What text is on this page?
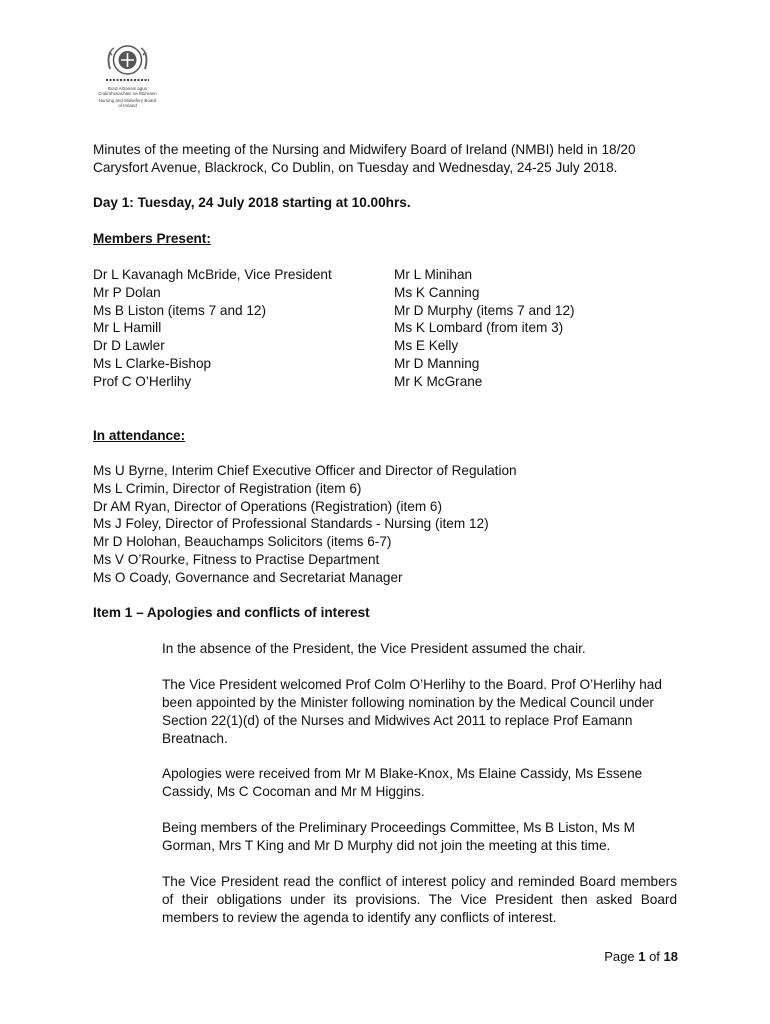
Bord Altranais agus
Cnáimhseachais na hÉireann
Nursing and Midwifery Board
of Ireland
Minutes of the meeting of the Nursing and Midwifery Board of Ireland (NMBI) held in 18/20
Carysfort Avenue, Blackrock, Co Dublin, on Tuesday and Wednesday, 24-25 July 2018.
Day 1: Tuesday, 24 July 2018 starting at 10.00hrs.
Members Present:
Dr L Kavanagh McBride, Vice President
Mr P Dolan
Ms B Liston (items 7 and 12)
Mr L Hamill
Dr D Lawler
Ms L Clarke-Bishop
Prof C O’Herlihy
Mr L Minihan
Ms K Canning
Mr D Murphy (items 7 and 12)
Ms K Lombard (from item 3)
Ms E Kelly
Mr D Manning
Mr K McGrane
In attendance:
Ms U Byrne, Interim Chief Executive Officer and Director of Regulation
Ms L Crimin, Director of Registration (item 6)
Dr AM Ryan, Director of Operations (Registration) (item 6)
Ms J Foley, Director of Professional Standards - Nursing (item 12)
Mr D Holohan, Beauchamps Solicitors (items 6-7)
Ms V O’Rourke, Fitness to Practise Department
Ms O Coady, Governance and Secretariat Manager
Item 1 – Apologies and conflicts of interest
In the absence of the President, the Vice President assumed the chair.
The Vice President welcomed Prof Colm O’Herlihy to the Board. Prof O’Herlihy had been appointed by the Minister following nomination by the Medical Council under Section 22(1)(d) of the Nurses and Midwives Act 2011 to replace Prof Eamann Breatnach.
Apologies were received from Mr M Blake-Knox, Ms Elaine Cassidy, Ms Essene Cassidy, Ms C Cocoman and Mr M Higgins.
Being members of the Preliminary Proceedings Committee, Ms B Liston, Ms M Gorman, Mrs T King and Mr D Murphy did not join the meeting at this time.
The Vice President read the conflict of interest policy and reminded Board members of their obligations under its provisions. The Vice President then asked Board members to review the agenda to identify any conflicts of interest.
Page 1 of 18
